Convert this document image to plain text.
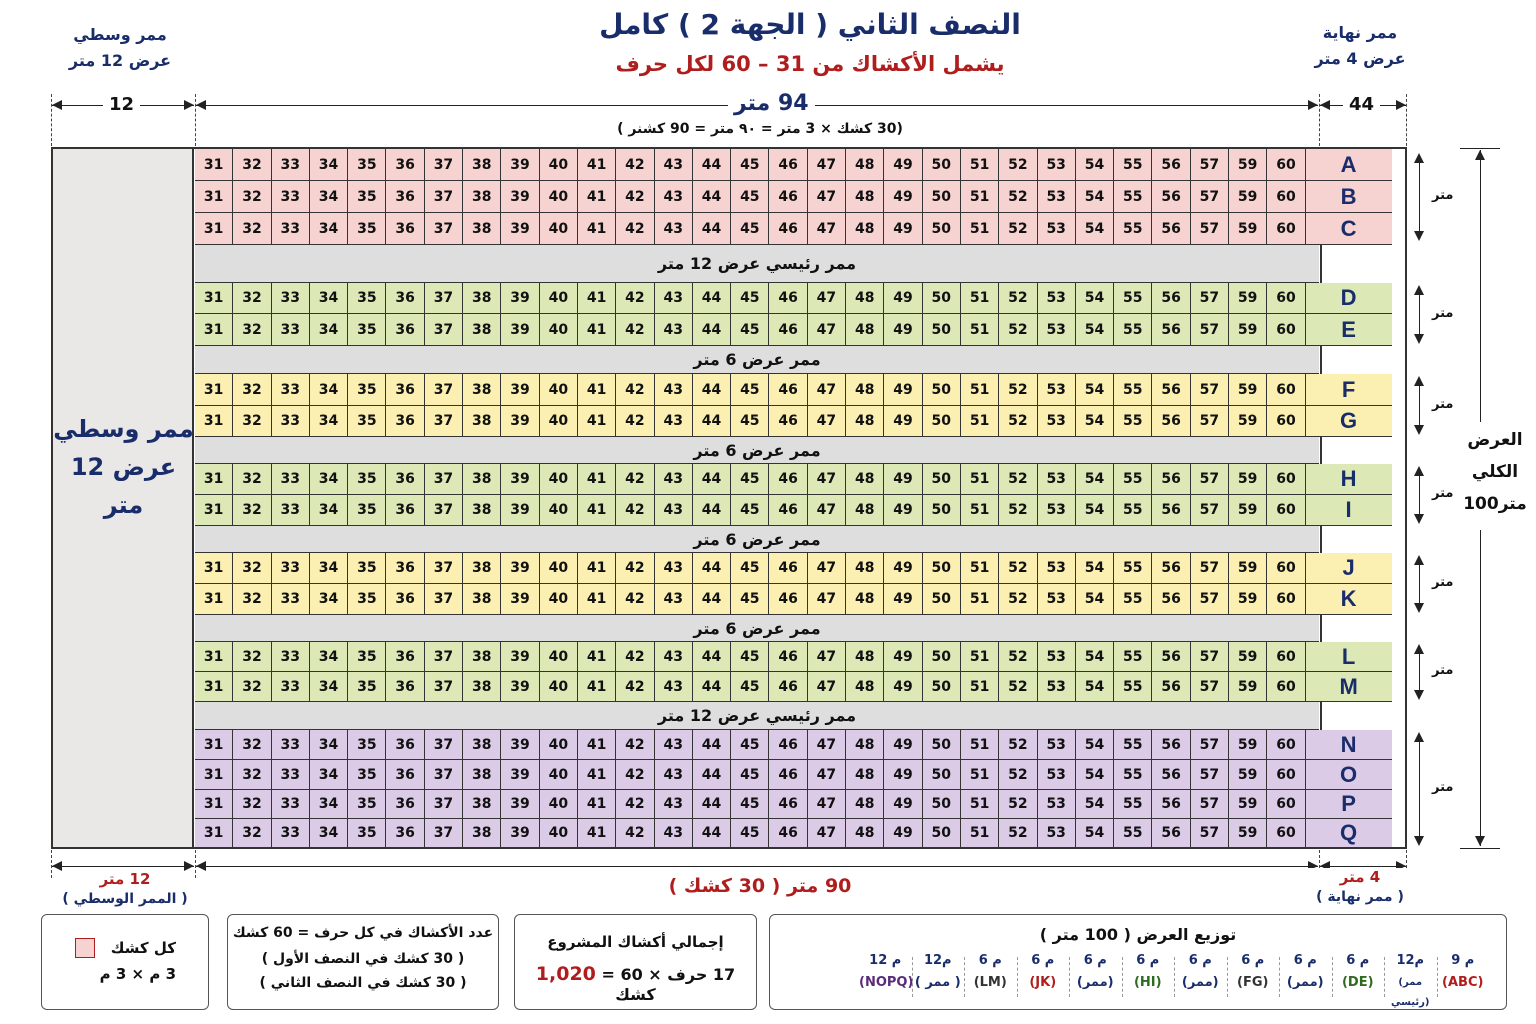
النصف الثاني ( الجهة 2 ) كامل
يشمل الأكشاك من 31 – 60 لكل حرف
ممر وسطي
عرض 12 متر
ممر نهاية
عرض 4 متر
12	94 متر
(30 كشك × 3 متر = ۹۰ متر = 90 كشنر )
44
ممر وسطي عرض 12 متر
31	32	33	34	35	36	37	38	39	40	41	42	43	44	45	46	47	48	49	50	51	52	53	54	55	56	57	59	60	A
31	32	33	34	35	36	37	38	39	40	41	42	43	44	45	46	47	48	49	50	51	52	53	54	55	56	57	59	60	B
31	32	33	34	35	36	37	38	39	40	41	42	43	44	45	46	47	48	49	50	51	52	53	54	55	56	57	59	60	C
ممر رئيسي عرض 12 متر
31	32	33	34	35	36	37	38	39	40	41	42	43	44	45	46	47	48	49	50	51	52	53	54	55	56	57	59	60	D
31	32	33	34	35	36	37	38	39	40	41	42	43	44	45	46	47	48	49	50	51	52	53	54	55	56	57	59	60	E
ممر عرض 6 متر
31	32	33	34	35	36	37	38	39	40	41	42	43	44	45	46	47	48	49	50	51	52	53	54	55	56	57	59	60	F
31	32	33	34	35	36	37	38	39	40	41	42	43	44	45	46	47	48	49	50	51	52	53	54	55	56	57	59	60	G
ممر عرض 6 متر
31	32	33	34	35	36	37	38	39	40	41	42	43	44	45	46	47	48	49	50	51	52	53	54	55	56	57	59	60	H
31	32	33	34	35	36	37	38	39	40	41	42	43	44	45	46	47	48	49	50	51	52	53	54	55	56	57	59	60	I
ممر عرض 6 متر
31	32	33	34	35	36	37	38	39	40	41	42	43	44	45	46	47	48	49	50	51	52	53	54	55	56	57	59	60	J
31	32	33	34	35	36	37	38	39	40	41	42	43	44	45	46	47	48	49	50	51	52	53	54	55	56	57	59	60	K
ممر عرض 6 متر
31	32	33	34	35	36	37	38	39	40	41	42	43	44	45	46	47	48	49	50	51	52	53	54	55	56	57	59	60	L
31	32	33	34	35	36	37	38	39	40	41	42	43	44	45	46	47	48	49	50	51	52	53	54	55	56	57	59	60	M
ممر رئيسي عرض 12 متر
31	32	33	34	35	36	37	38	39	40	41	42	43	44	45	46	47	48	49	50	51	52	53	54	55	56	57	59	60	N
31	32	33	34	35	36	37	38	39	40	41	42	43	44	45	46	47	48	49	50	51	52	53	54	55	56	57	59	60	O
31	32	33	34	35	36	37	38	39	40	41	42	43	44	45	46	47	48	49	50	51	52	53	54	55	56	57	59	60	P
31	32	33	34	35	36	37	38	39	40	41	42	43	44	45	46	47	48	49	50	51	52	53	54	55	56	57	59	60	Q
متر
متر
متر
متر
متر
متر
متر
العرض
الكلي
100متر
12 متر
( الممر الوسطي )
90 متر ( 30 كشك )	4 متر
( ممر نهاية )
كل كشك
3 م × 3 م
عدد الأكشاك في كل حرف = 60 كشك
( 30 كشك في النصف الأول )
( 30 كشك في النصف الثاني )
إجمالي أكشاك المشروع
17 حرف × 60 = 1,020 كشك
توزيع العرض ( 100 متر )
9 م
(ABC)
12م
(ممر رئيسي)
6 م
(DE)
6 م
(ممر)
6 م
(FG)
6 م
(ممر)
6 م
(HI)
6 م
(ممر)
6 م
(JK)
6 م
(LM)
12م
( ممر )
12 م
(NOPQ)
